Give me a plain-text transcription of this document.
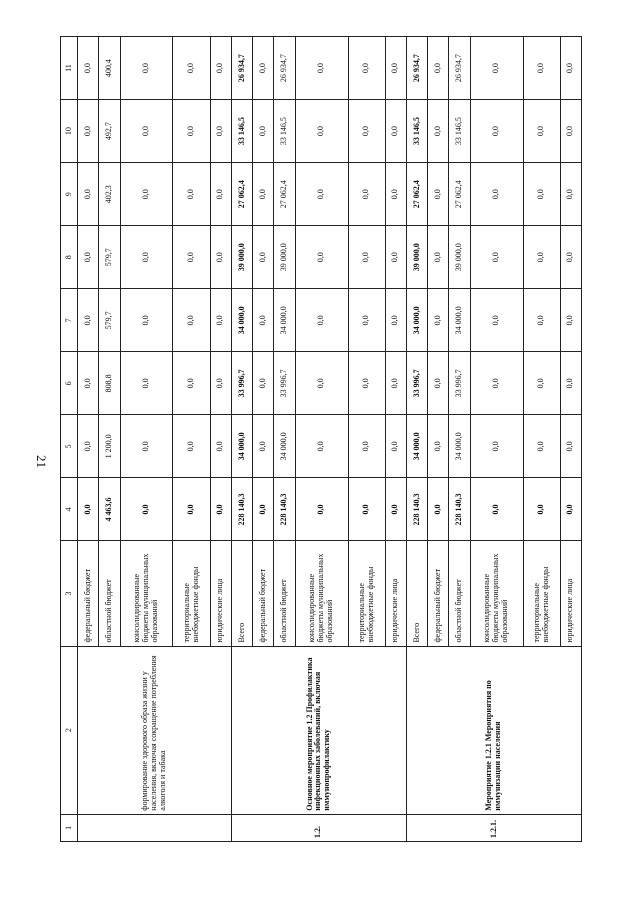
21
1	2	3	4	5	6	7	8	9	10	11
	формирование здорового образа жизни у населения, включая сокращение потребления алкоголя и табака	федеральный бюджет	0,0	0,0	0,0	0,0	0,0	0,0	0,0	0,0
		областной бюджет	4 463,6	1 200,0	808,8	579,7	579,7	402,3	492,7	400,4
		консолидированные бюджеты муниципальных образований	0,0	0,0	0,0	0,0	0,0	0,0	0,0	0,0
		территориальные внебюджетные фонды	0,0	0,0	0,0	0,0	0,0	0,0	0,0	0,0
		юридические лица	0,0	0,0	0,0	0,0	0,0	0,0	0,0	0,0
1.2.	Основное мероприятие 1.2 Профилактика инфекционных заболеваний, включая иммунопрофилактику	Всего	228 140,3	34 000,0	33 996,7	34 000,0	39 000,0	27 062,4	33 146,5	26 934,7
		федеральный бюджет	0,0	0,0	0,0	0,0	0,0	0,0	0,0	0,0
		областной бюджет	228 140,3	34 000,0	33 996,7	34 000,0	39 000,0	27 062,4	33 146,5	26 934,7
		консолидированные бюджеты муниципальных образований	0,0	0,0	0,0	0,0	0,0	0,0	0,0	0,0
		территориальные внебюджетные фонды	0,0	0,0	0,0	0,0	0,0	0,0	0,0	0,0
		юридические лица	0,0	0,0	0,0	0,0	0,0	0,0	0,0	0,0
1.2.1.	Мероприятие 1.2.1 Мероприятия по иммунизации населения	Всего	228 140,3	34 000,0	33 996,7	34 000,0	39 000,0	27 062,4	33 146,5	26 934,7
		федеральный бюджет	0,0	0,0	0,0	0,0	0,0	0,0	0,0	0,0
		областной бюджет	228 140,3	34 000,0	33 996,7	34 000,0	39 000,0	27 062,4	33 146,5	26 934,7
		консолидированные бюджеты муниципальных образований	0,0	0,0	0,0	0,0	0,0	0,0	0,0	0,0
		территориальные внебюджетные фонды	0,0	0,0	0,0	0,0	0,0	0,0	0,0	0,0
		юридические лица	0,0	0,0	0,0	0,0	0,0	0,0	0,0	0,0
